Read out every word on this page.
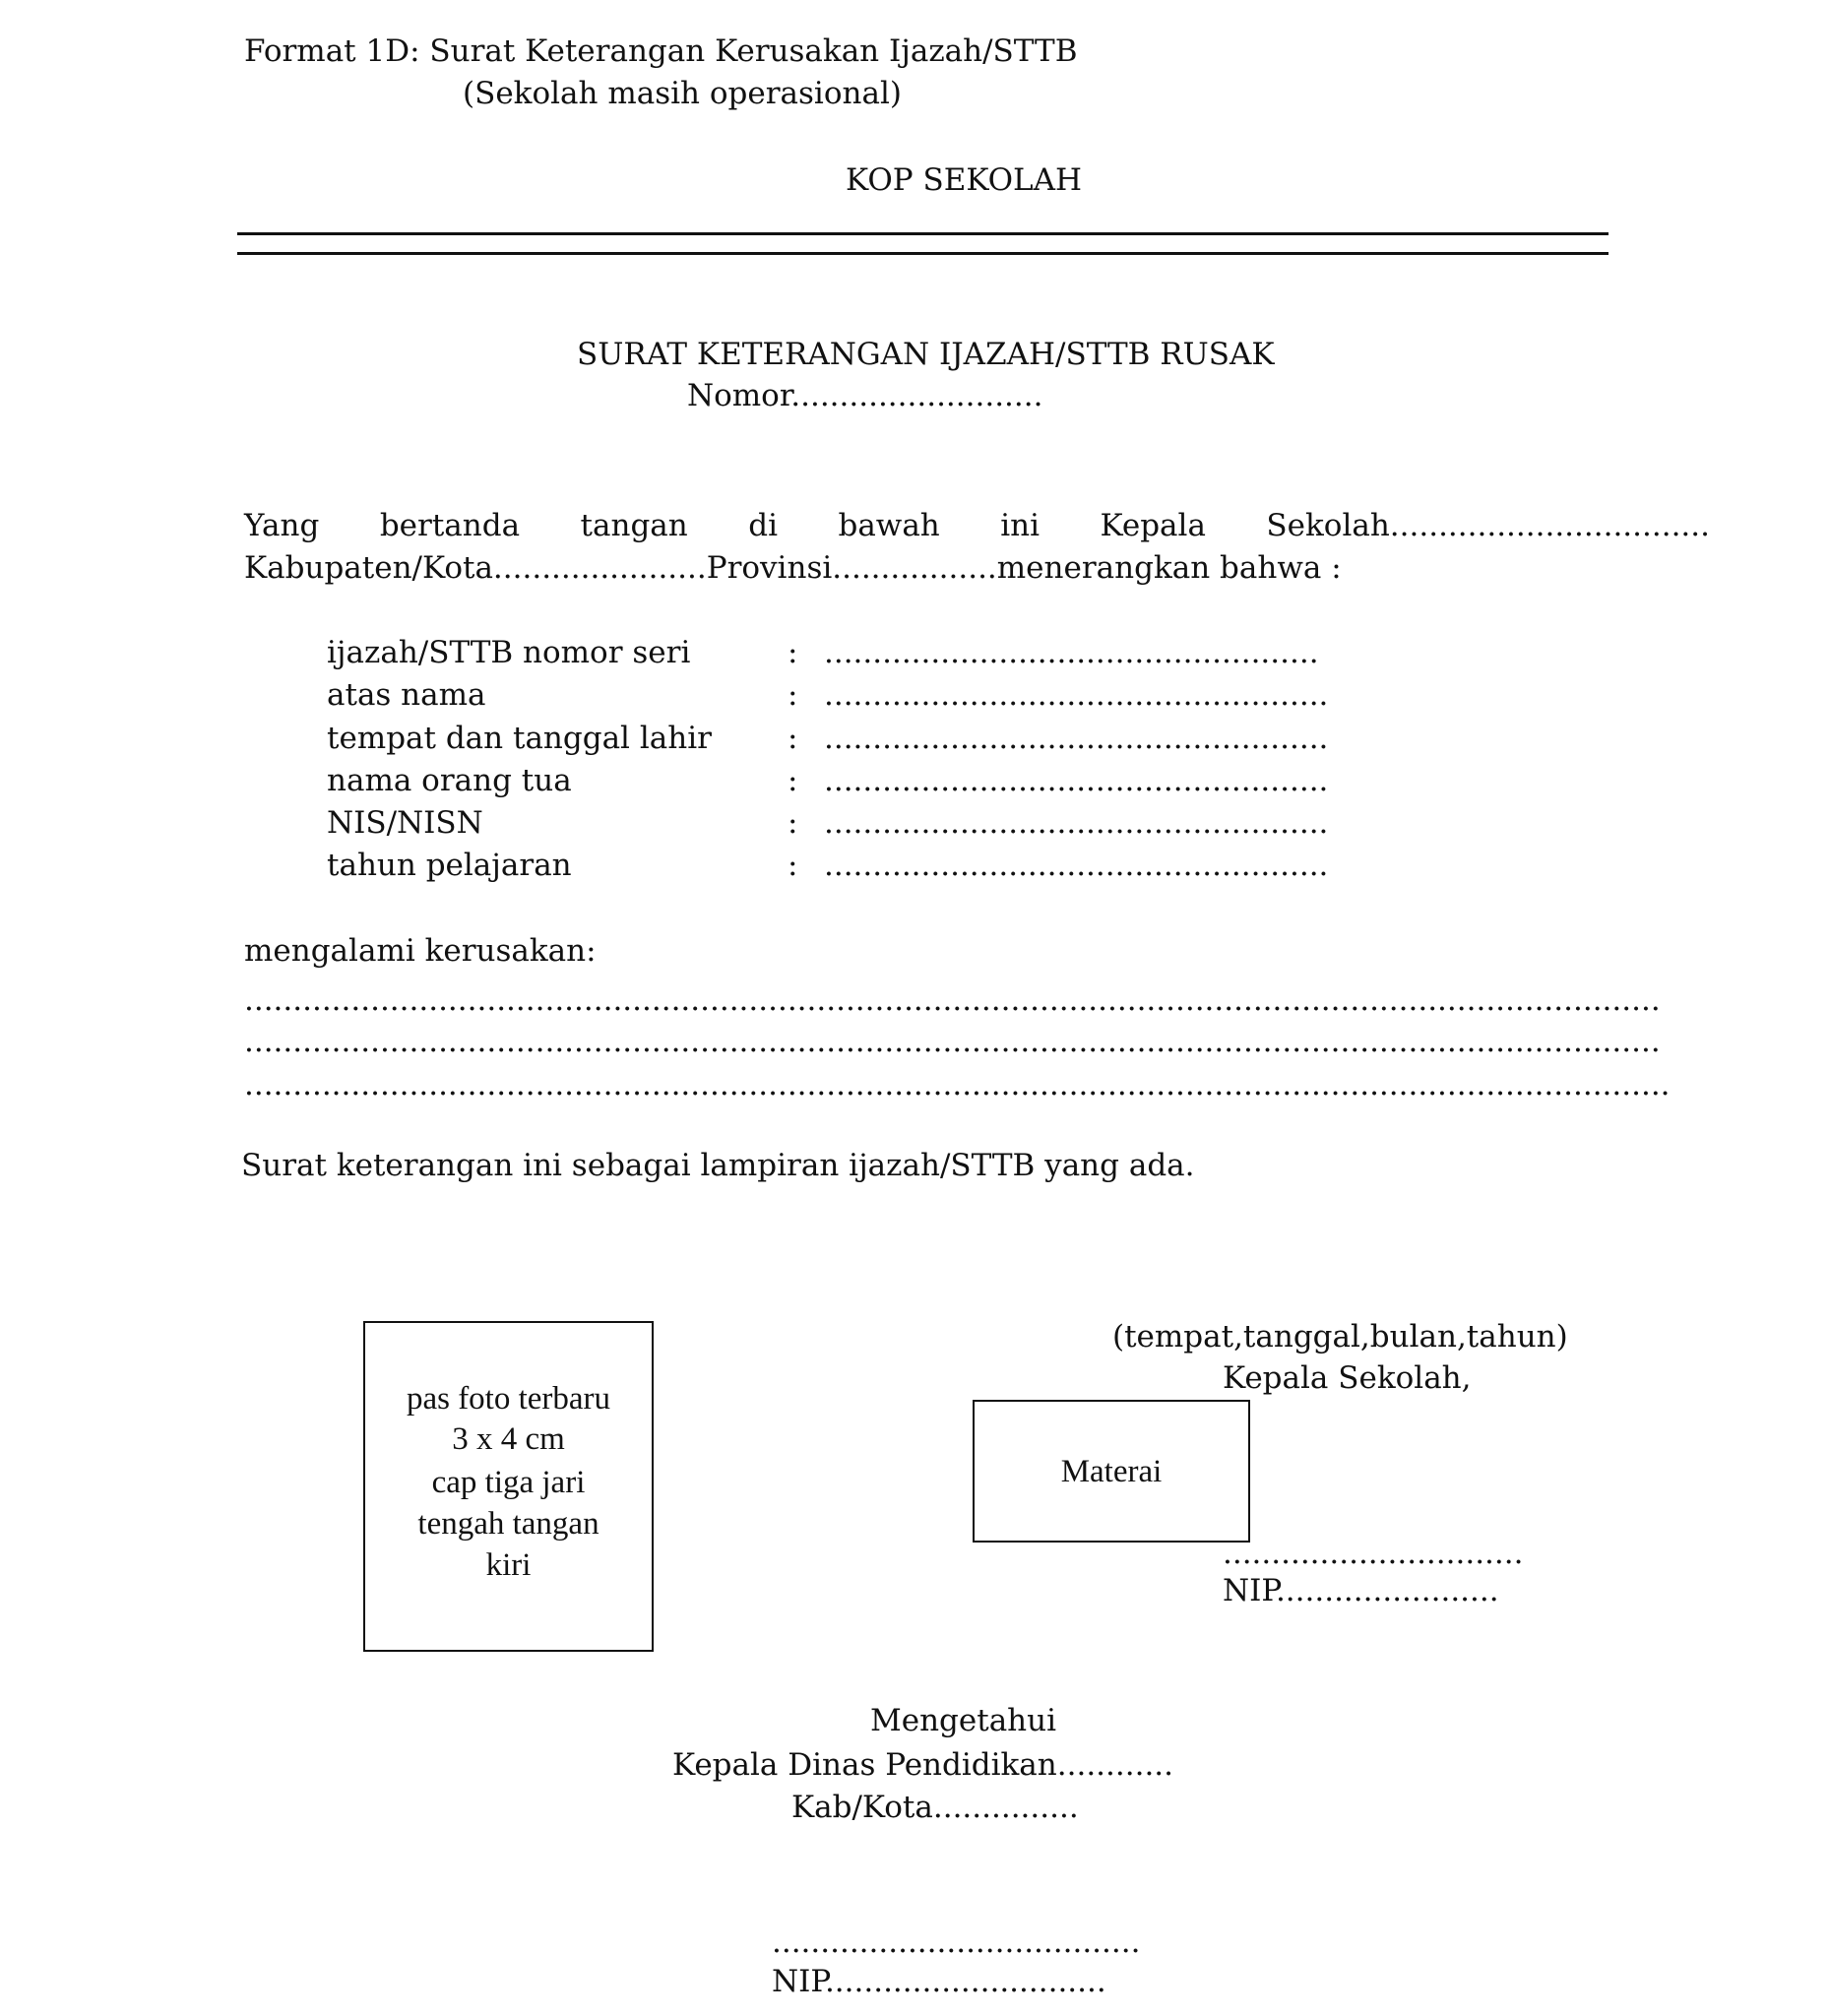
Format 1D: Surat Keterangan Kerusakan Ijazah/STTB
(Sekolah masih operasional)
KOP SEKOLAH
SURAT KETERANGAN IJAZAH/STTB RUSAK
Nomor..........................
Yang bertanda tangan di bawah ini Kepala Sekolah.................................
Kabupaten/Kota......................Provinsi.................menerangkan bahwa :
ijazah/STTB nomor seri	: ...................................................
atas nama	: ....................................................
tempat dan tanggal lahir : ....................................................
nama orang tua	: ....................................................
NIS/NISN	: ....................................................
tahun pelajaran	: ....................................................
mengalami kerusakan:
..................................................................................................................................................
..................................................................................................................................................
...................................................................................................................................................
Surat keterangan ini sebagai lampiran ijazah/STTB yang ada.
pas foto terbaru
3 x 4 cm
cap tiga jari
tengah tangan
kiri
(tempat,tanggal,bulan,tahun)
Kepala Sekolah,
Materai
...............................
NIP.......................
Mengetahui
Kepala Dinas Pendidikan............
Kab/Kota...............
......................................
NIP.............................
